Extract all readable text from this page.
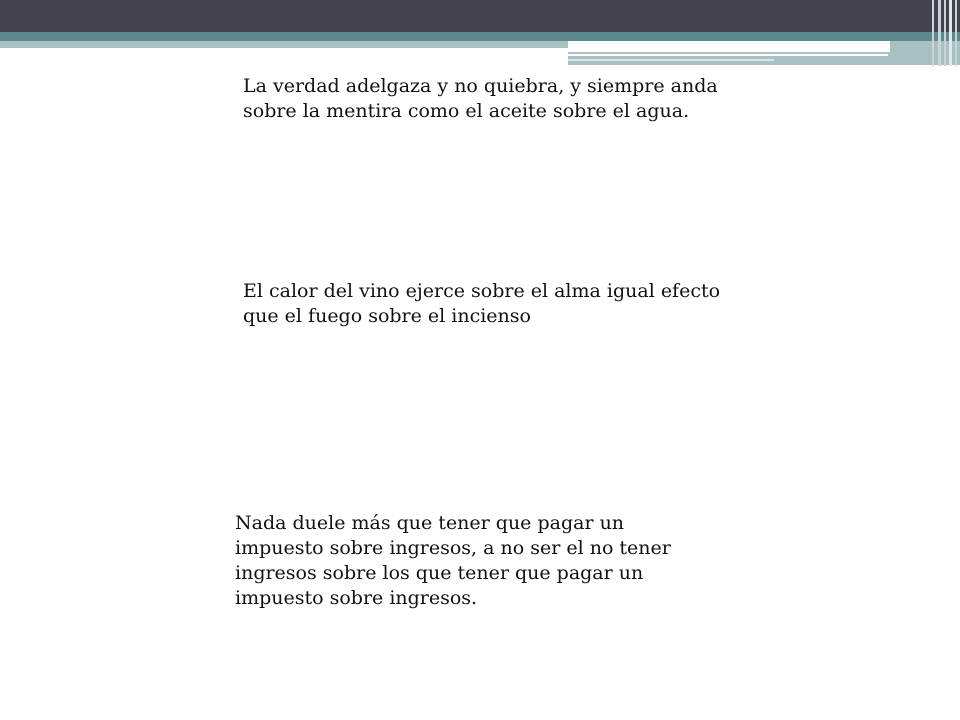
La verdad adelgaza y no quiebra, y siempre anda sobre la mentira como el aceite sobre el agua.

El calor del vino ejerce sobre el alma igual efecto que el fuego sobre el incienso

Nada duele más que tener que pagar un impuesto sobre ingresos, a no ser el no tener ingresos sobre los que tener que pagar un impuesto sobre ingresos.
